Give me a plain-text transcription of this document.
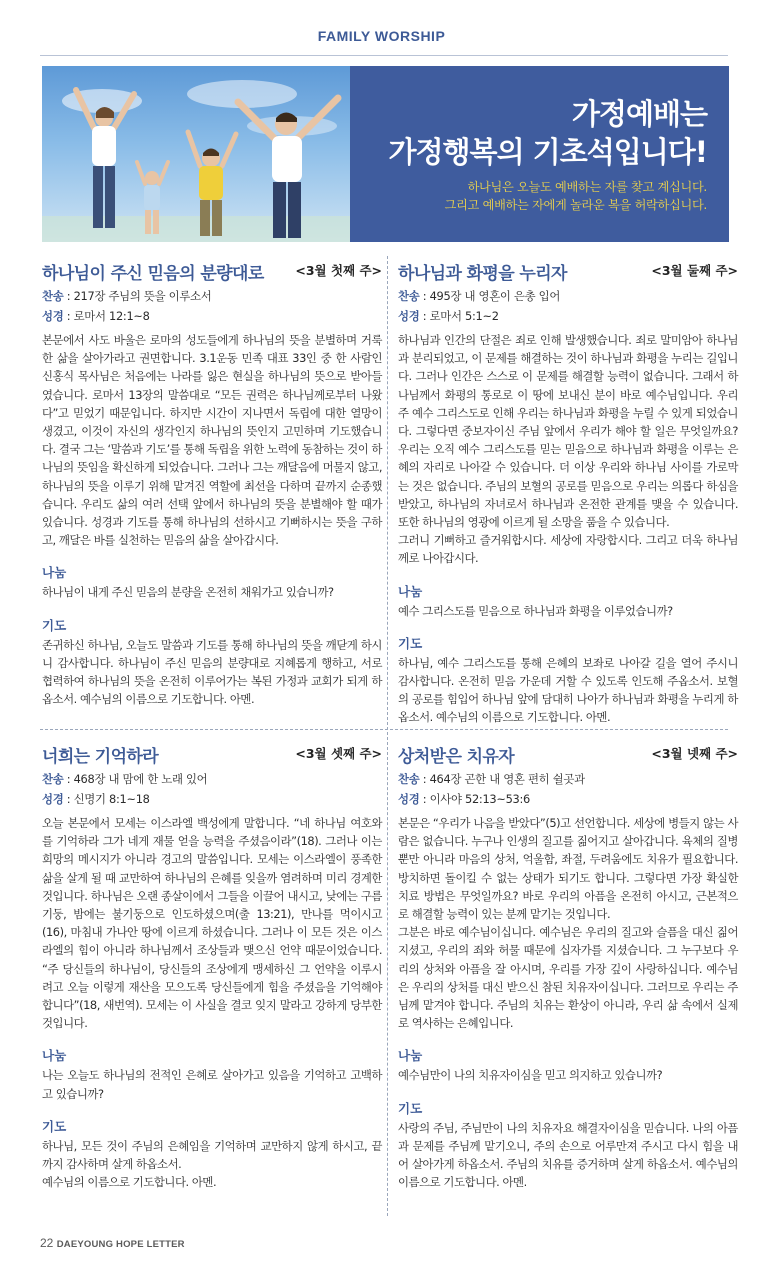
FAMILY WORSHIP
가정예배는
가정행복의 기초석입니다!
하나님은 오늘도 예배하는 자를 찾고 계십니다.
그리고 예배하는 자에게 놀라운 복을 허락하십니다.
하나님이 주신 믿음의 분량대로	<3월 첫째 주>
찬송 : 217장 주님의 뜻을 이루소서
성경 : 로마서 12:1~8

본문에서 사도 바울은 로마의 성도들에게 하나님의 뜻을 분별하며 거룩한 삶을 살아가라고 권면합니다. 3.1운동 민족 대표 33인 중 한 사람인 신홍식 목사님은 처음에는 나라를 잃은 현실을 하나님의 뜻으로 받아들였습니다. 로마서 13장의 말씀대로 “모든 권력은 하나님께로부터 나왔다”고 믿었기 때문입니다. 하지만 시간이 지나면서 독립에 대한 열망이 생겼고, 이것이 자신의 생각인지 하나님의 뜻인지 고민하며 기도했습니다. 결국 그는 ‘말씀과 기도’를 통해 독립을 위한 노력에 동참하는 것이 하나님의 뜻임을 확신하게 되었습니다. 그러나 그는 깨달음에 머물지 않고, 하나님의 뜻을 이루기 위해 맡겨진 역할에 최선을 다하며 끝까지 순종했습니다. 우리도 삶의 여러 선택 앞에서 하나님의 뜻을 분별해야 할 때가 있습니다. 성경과 기도를 통해 하나님의 선하시고 기뻐하시는 뜻을 구하고, 깨달은 바를 실천하는 믿음의 삶을 살아갑시다.

나눔
하나님이 내게 주신 믿음의 분량을 온전히 채워가고 있습니까?
기도
존귀하신 하나님, 오늘도 말씀과 기도를 통해 하나님의 뜻을 깨닫게 하시니 감사합니다. 하나님이 주신 믿음의 분량대로 지혜롭게 행하고, 서로 협력하여 하나님의 뜻을 온전히 이루어가는 복된 가정과 교회가 되게 하옵소서. 예수님의 이름으로 기도합니다. 아멘.
하나님과 화평을 누리자	<3월 둘째 주>
찬송 : 495장 내 영혼이 은총 입어
성경 : 로마서 5:1~2

하나님과 인간의 단절은 죄로 인해 발생했습니다. 죄로 말미암아 하나님과 분리되었고, 이 문제를 해결하는 것이 하나님과 화평을 누리는 길입니다. 그러나 인간은 스스로 이 문제를 해결할 능력이 없습니다. 그래서 하나님께서 화평의 통로로 이 땅에 보내신 분이 바로 예수님입니다. 우리 주 예수 그리스도로 인해 우리는 하나님과 화평을 누릴 수 있게 되었습니다. 그렇다면 중보자이신 주님 앞에서 우리가 해야 할 일은 무엇일까요? 우리는 오직 예수 그리스도를 믿는 믿음으로 하나님과 화평을 이루는 은혜의 자리로 나아갈 수 있습니다. 더 이상 우리와 하나님 사이를 가로막는 것은 없습니다. 주님의 보혈의 공로를 믿음으로 우리는 의롭다 하심을 받았고, 하나님의 자녀로서 하나님과 온전한 관계를 맺을 수 있습니다. 또한 하나님의 영광에 이르게 될 소망을 품을 수 있습니다.

그러니 기뻐하고 즐거워합시다. 세상에 자랑합시다. 그리고 더욱 하나님께로 나아갑시다.

나눔
예수 그리스도를 믿음으로 하나님과 화평을 이루었습니까?
기도
하나님, 예수 그리스도를 통해 은혜의 보좌로 나아갈 길을 열어 주시니 감사합니다. 온전히 믿음 가운데 거할 수 있도록 인도해 주옵소서. 보혈의 공로를 힘입어 하나님 앞에 담대히 나아가 하나님과 화평을 누리게 하옵소서. 예수님의 이름으로 기도합니다. 아멘.
너희는 기억하라	<3월 셋째 주>
찬송 : 468장 내 맘에 한 노래 있어
성경 : 신명기 8:1~18

오늘 본문에서 모세는 이스라엘 백성에게 말합니다. “네 하나님 여호와를 기억하라 그가 네게 재물 얻을 능력을 주셨음이라”(18). 그러나 이는 희망의 메시지가 아니라 경고의 말씀입니다. 모세는 이스라엘이 풍족한 삶을 살게 될 때 교만하여 하나님의 은혜를 잊을까 염려하며 미리 경계한 것입니다. 하나님은 오랜 종살이에서 그들을 이끌어 내시고, 낮에는 구름기둥, 밤에는 불기둥으로 인도하셨으며(출 13:21), 만나를 먹이시고(16), 마침내 가나안 땅에 이르게 하셨습니다. 그러나 이 모든 것은 이스라엘의 힘이 아니라 하나님께서 조상들과 맺으신 언약 때문이었습니다. “주 당신들의 하나님이, 당신들의 조상에게 맹세하신 그 언약을 이루시려고 오늘 이렇게 재산을 모으도록 당신들에게 힘을 주셨음을 기억해야 합니다”(18, 새번역). 모세는 이 사실을 결코 잊지 말라고 강하게 당부한 것입니다.

나눔
나는 오늘도 하나님의 전적인 은혜로 살아가고 있음을 기억하고 고백하고 있습니까?
기도
하나님, 모든 것이 주님의 은혜임을 기억하며 교만하지 않게 하시고, 끝까지 감사하며 살게 하옵소서.
예수님의 이름으로 기도합니다. 아멘.
상처받은 치유자	<3월 넷째 주>
찬송 : 464장 곤한 내 영혼 편히 쉴곳과
성경 : 이사야 52:13~53:6

본문은 “우리가 나음을 받았다”(5)고 선언합니다. 세상에 병들지 않는 사람은 없습니다. 누구나 인생의 질고를 짊어지고 살아갑니다. 육체의 질병뿐만 아니라 마음의 상처, 억울함, 좌절, 두려움에도 치유가 필요합니다. 방치하면 돌이킬 수 없는 상태가 되기도 합니다. 그렇다면 가장 확실한 치료 방법은 무엇일까요? 바로 우리의 아픔을 온전히 아시고, 근본적으로 해결할 능력이 있는 분께 맡기는 것입니다.

그분은 바로 예수님이십니다. 예수님은 우리의 질고와 슬픔을 대신 짊어지셨고, 우리의 죄와 허물 때문에 십자가를 지셨습니다. 그 누구보다 우리의 상처와 아픔을 잘 아시며, 우리를 가장 깊이 사랑하십니다. 예수님은 우리의 상처를 대신 받으신 참된 치유자이십니다. 그러므로 우리는 주님께 맡겨야 합니다. 주님의 치유는 환상이 아니라, 우리 삶 속에서 실제로 역사하는 은혜입니다.

나눔
예수님만이 나의 치유자이심을 믿고 의지하고 있습니까?
기도
사랑의 주님, 주님만이 나의 치유자요 해결자이심을 믿습니다. 나의 아픔과 문제를 주님께 맡기오니, 주의 손으로 어루만져 주시고 다시 힘을 내어 살아가게 하옵소서. 주님의 치유를 증거하며 살게 하옵소서. 예수님의 이름으로 기도합니다. 아멘.
22 DAEYOUNG HOPE LETTER
